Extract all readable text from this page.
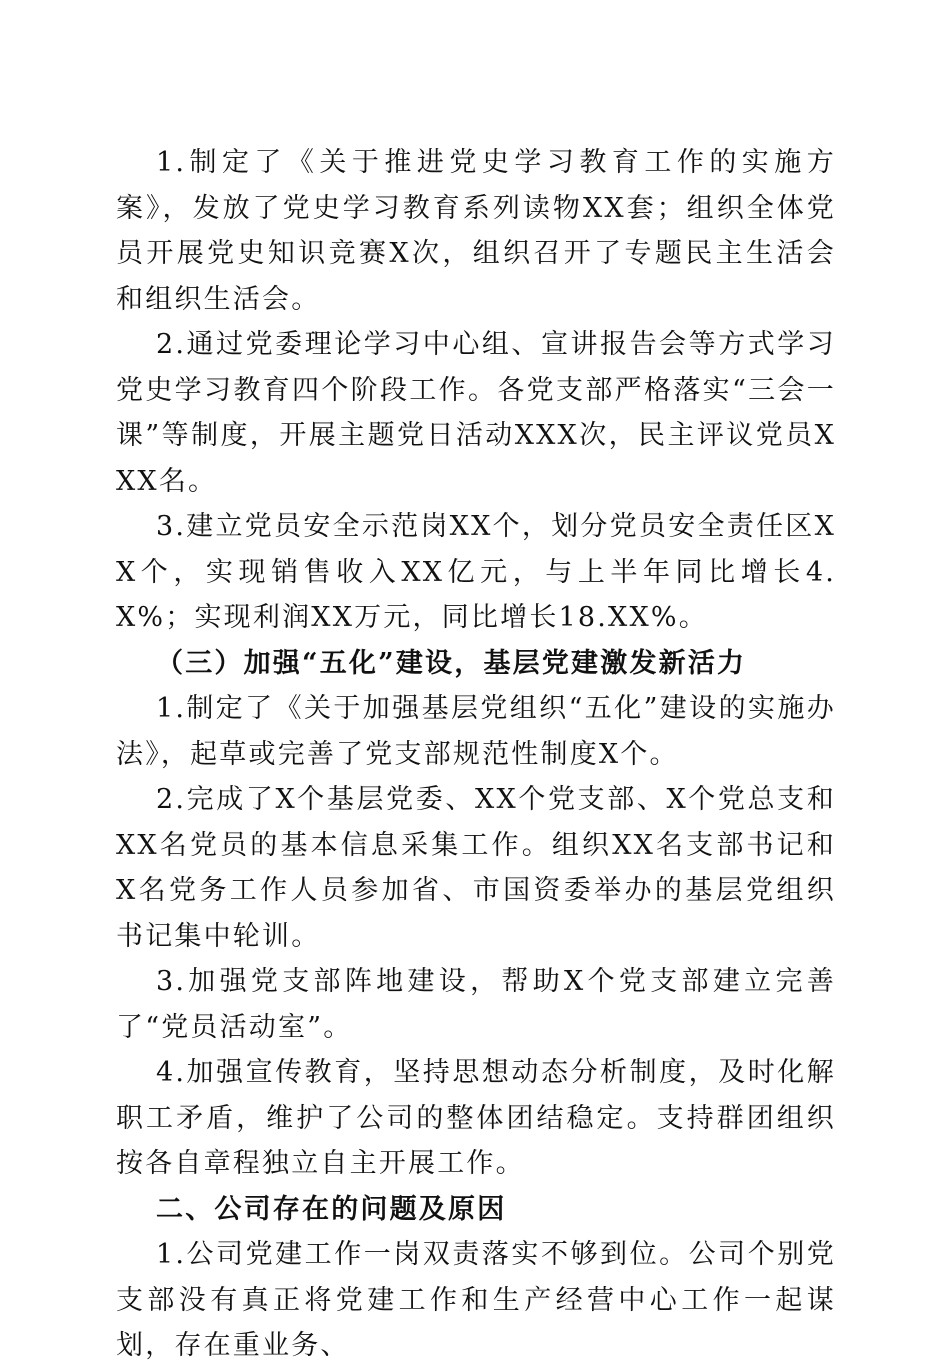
1.制定了《关于推进党史学习教育工作的实施方案》，发放了党史学习教育系列读物XX套；组织全体党员开展党史知识竞赛X次，组织召开了专题民主生活会和组织生活会。

2.通过党委理论学习中心组、宣讲报告会等方式学习党史学习教育四个阶段工作。各党支部严格落实“三会一课”等制度，开展主题党日活动XXX次，民主评议党员XXX名。

3.建立党员安全示范岗XX个，划分党员安全责任区XX个，实现销售收入XX亿元，与上半年同比增长4.X%；实现利润XX万元，同比增长18.XX%。

（三）加强“五化”建设，基层党建激发新活力

1.制定了《关于加强基层党组织“五化”建设的实施办法》，起草或完善了党支部规范性制度X个。

2.完成了X个基层党委、XX个党支部、X个党总支和XX名党员的基本信息采集工作。组织XX名支部书记和X名党务工作人员参加省、市国资委举办的基层党组织书记集中轮训。

3.加强党支部阵地建设，帮助X个党支部建立完善了“党员活动室”。

4.加强宣传教育，坚持思想动态分析制度，及时化解职工矛盾，维护了公司的整体团结稳定。支持群团组织按各自章程独立自主开展工作。

二、公司存在的问题及原因

1.公司党建工作一岗双责落实不够到位。公司个别党支部没有真正将党建工作和生产经营中心工作一起谋划，存在重业务、
